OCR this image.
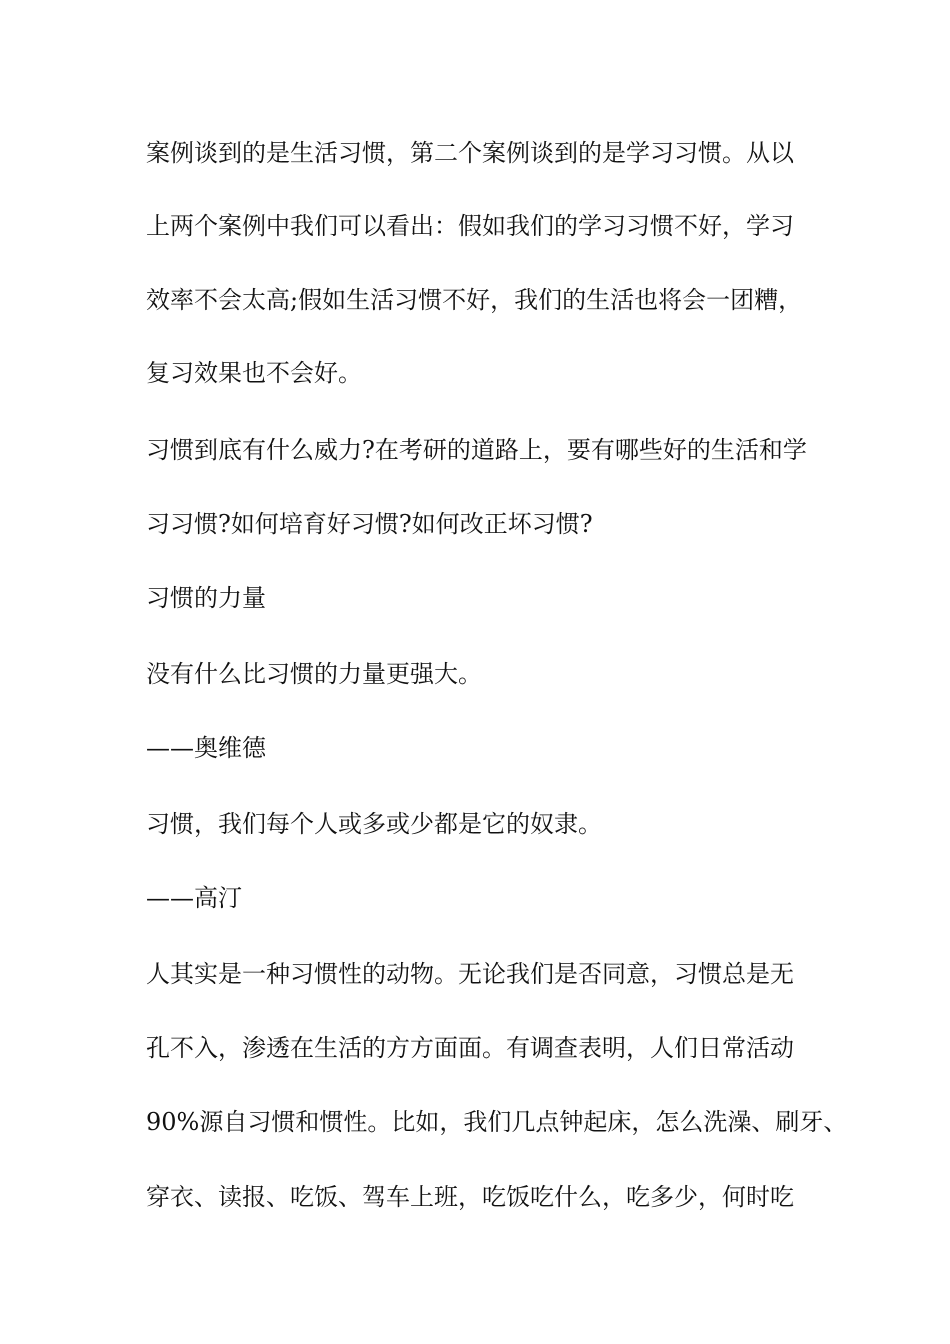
案例谈到的是生活习惯，第二个案例谈到的是学习习惯。从以
上两个案例中我们可以看出：假如我们的学习习惯不好，学习
效率不会太高;假如生活习惯不好，我们的生活也将会一团糟，
复习效果也不会好。
习惯到底有什么威力?在考研的道路上，要有哪些好的生活和学
习习惯?如何培育好习惯?如何改正坏习惯?
习惯的力量
没有什么比习惯的力量更强大。
——奥维德
习惯，我们每个人或多或少都是它的奴隶。
——高汀
人其实是一种习惯性的动物。无论我们是否同意，习惯总是无
孔不入，渗透在生活的方方面面。有调查表明，人们日常活动
90%源自习惯和惯性。比如，我们几点钟起床，怎么洗澡、刷牙、
穿衣、读报、吃饭、驾车上班，吃饭吃什么，吃多少，何时吃
